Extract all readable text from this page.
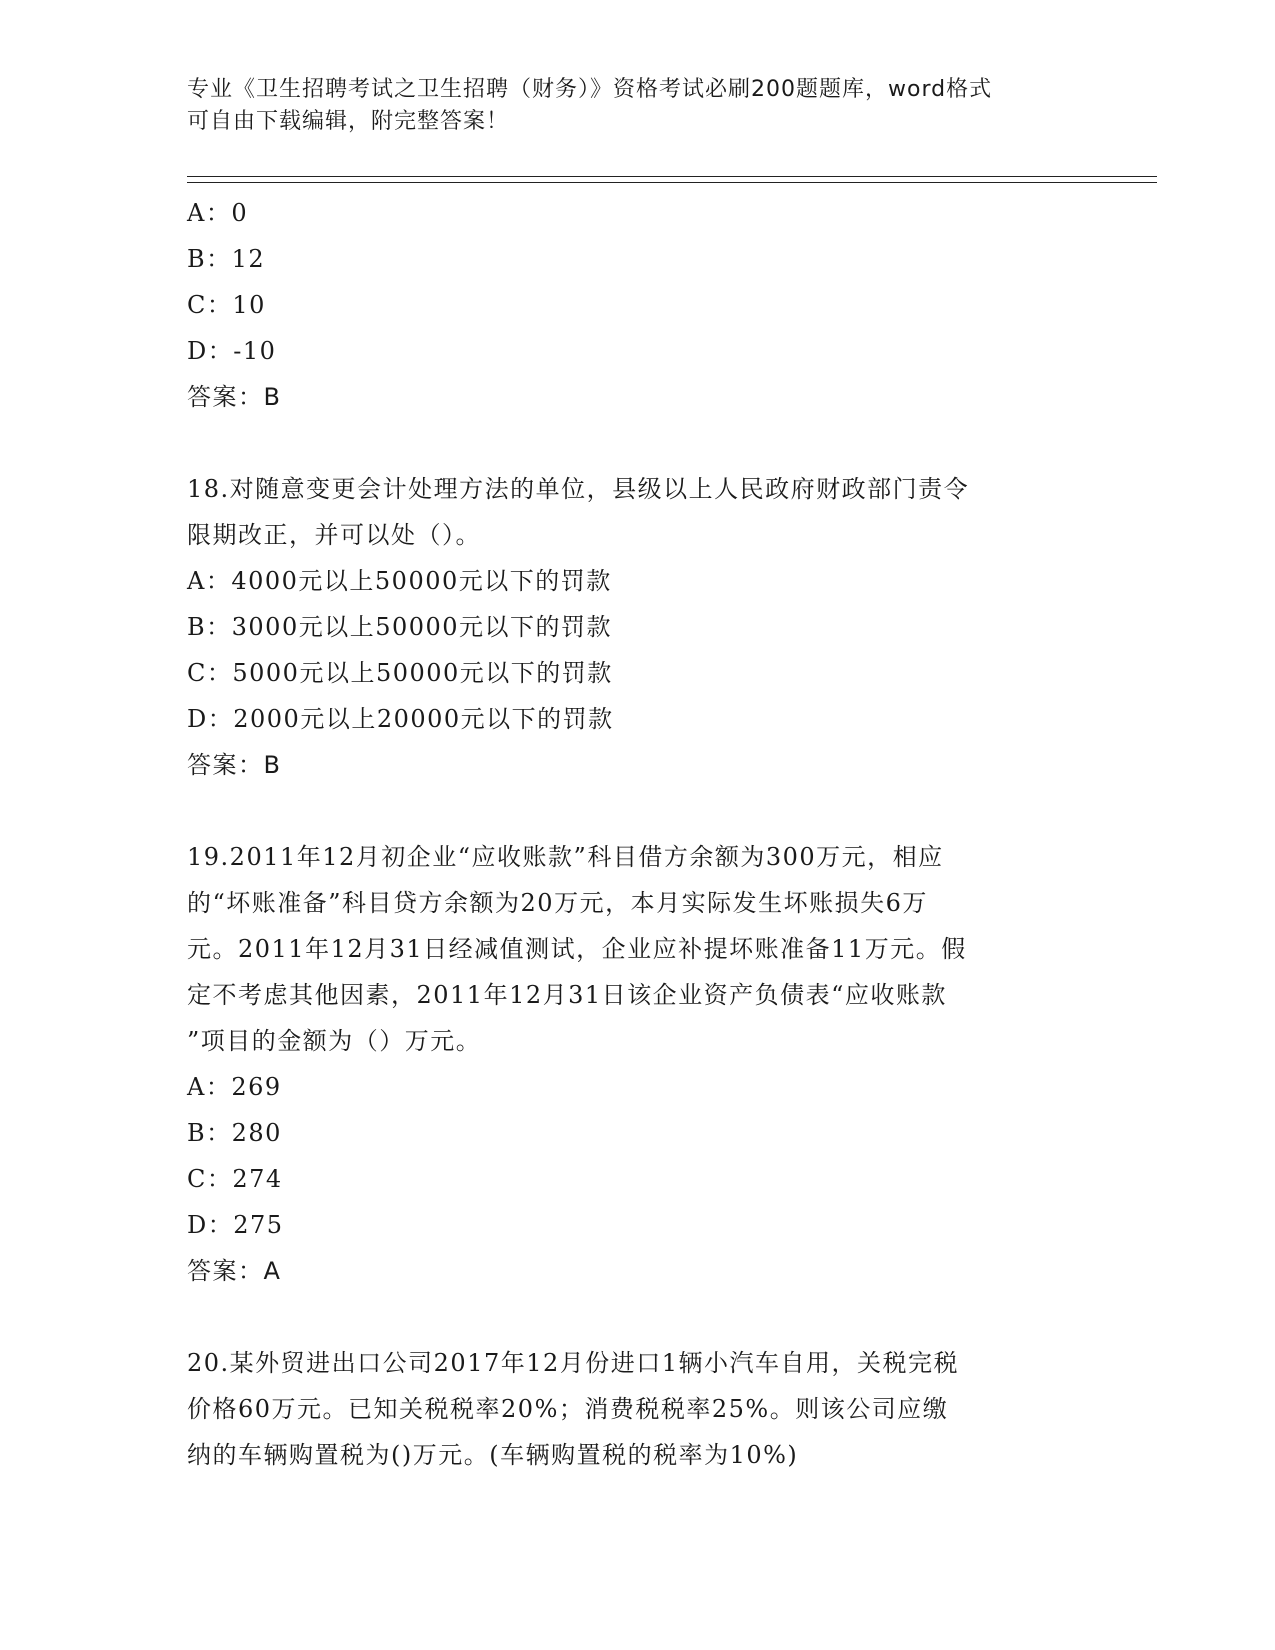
专业《卫生招聘考试之卫生招聘（财务）》资格考试必刷200题题库，word格式
可自由下载编辑，附完整答案！
A：0
B：12
C：10
D：-10
答案：B
18.对随意变更会计处理方法的单位，县级以上人民政府财政部门责令
限期改正，并可以处（）。
A：4000元以上50000元以下的罚款
B：3000元以上50000元以下的罚款
C：5000元以上50000元以下的罚款
D：2000元以上20000元以下的罚款
答案：B
19.2011年12月初企业“应收账款”科目借方余额为300万元，相应
的“坏账准备”科目贷方余额为20万元，本月实际发生坏账损失6万
元。2011年12月31日经减值测试，企业应补提坏账准备11万元。假
定不考虑其他因素，2011年12月31日该企业资产负债表“应收账款
”项目的金额为（）万元。
A：269
B：280
C：274
D：275
答案：A
20.某外贸进出口公司2017年12月份进口1辆小汽车自用，关税完税
价格60万元。已知关税税率20%；消费税税率25%。则该公司应缴
纳的车辆购置税为()万元。(车辆购置税的税率为10%)
